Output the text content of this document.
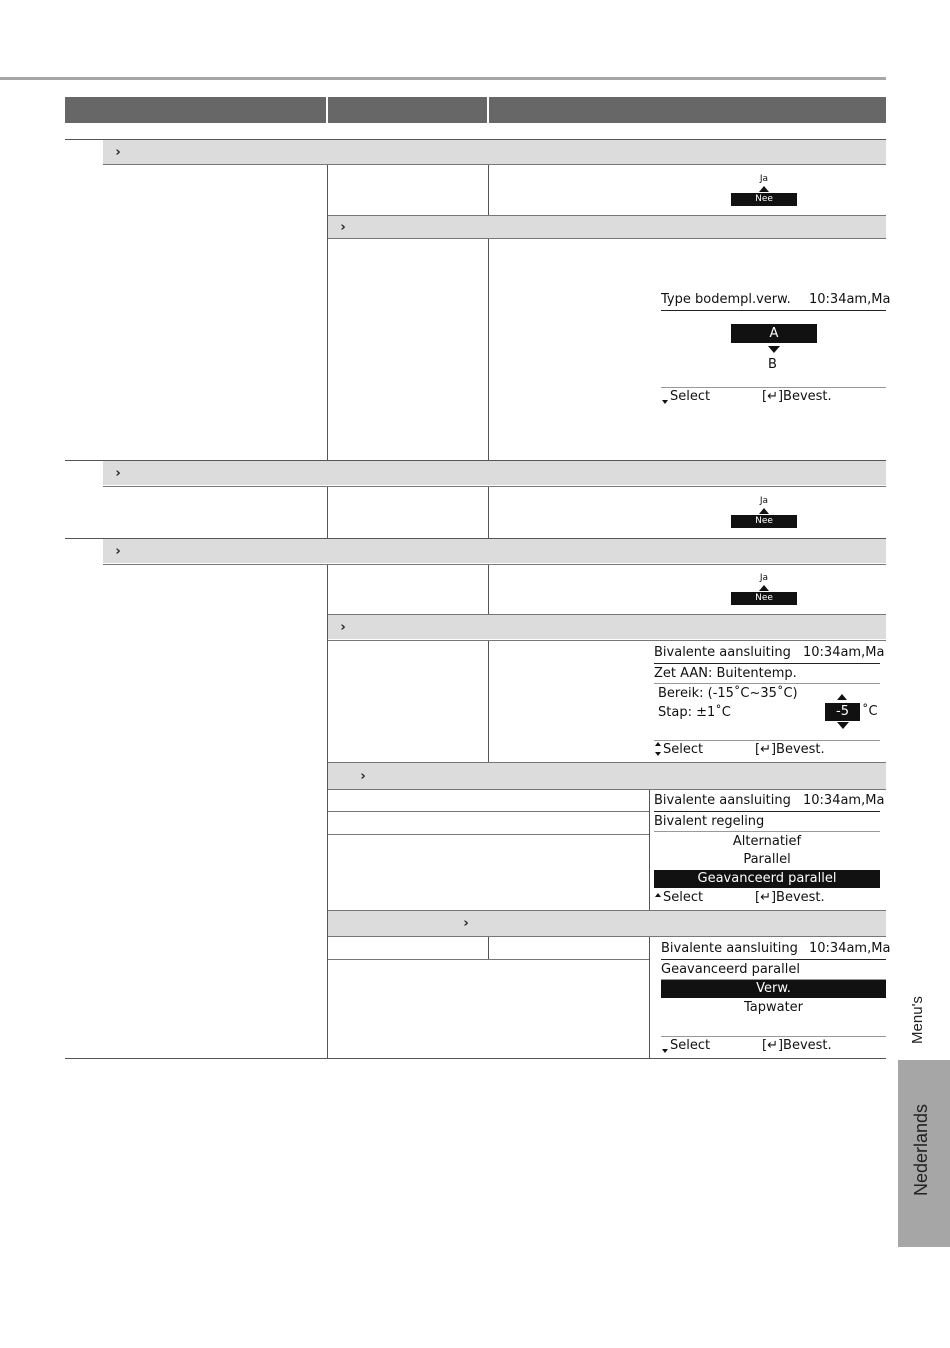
›
Ja
Nee
›
Type bodempl.verw. 10:34am,Ma
A
B
Select	[↵]Bevest.
›
Ja
Nee
›
Ja
Nee
›
Bivalente aansluiting 10:34am,Ma
Zet AAN: Buitentemp.
Bereik: (-15˚C~35˚C)
Stap: ±1˚C	-5	˚C
Select	[↵]Bevest.
›
Bivalente aansluiting 10:34am,Ma
Bivalent regeling
Alternatief
Parallel
Geavanceerd parallel
Select	[↵]Bevest.
›
Bivalente aansluiting 10:34am,Ma
Geavanceerd parallel
Verw.
Tapwater
Select	[↵]Bevest.
Menu's
Nederlands
